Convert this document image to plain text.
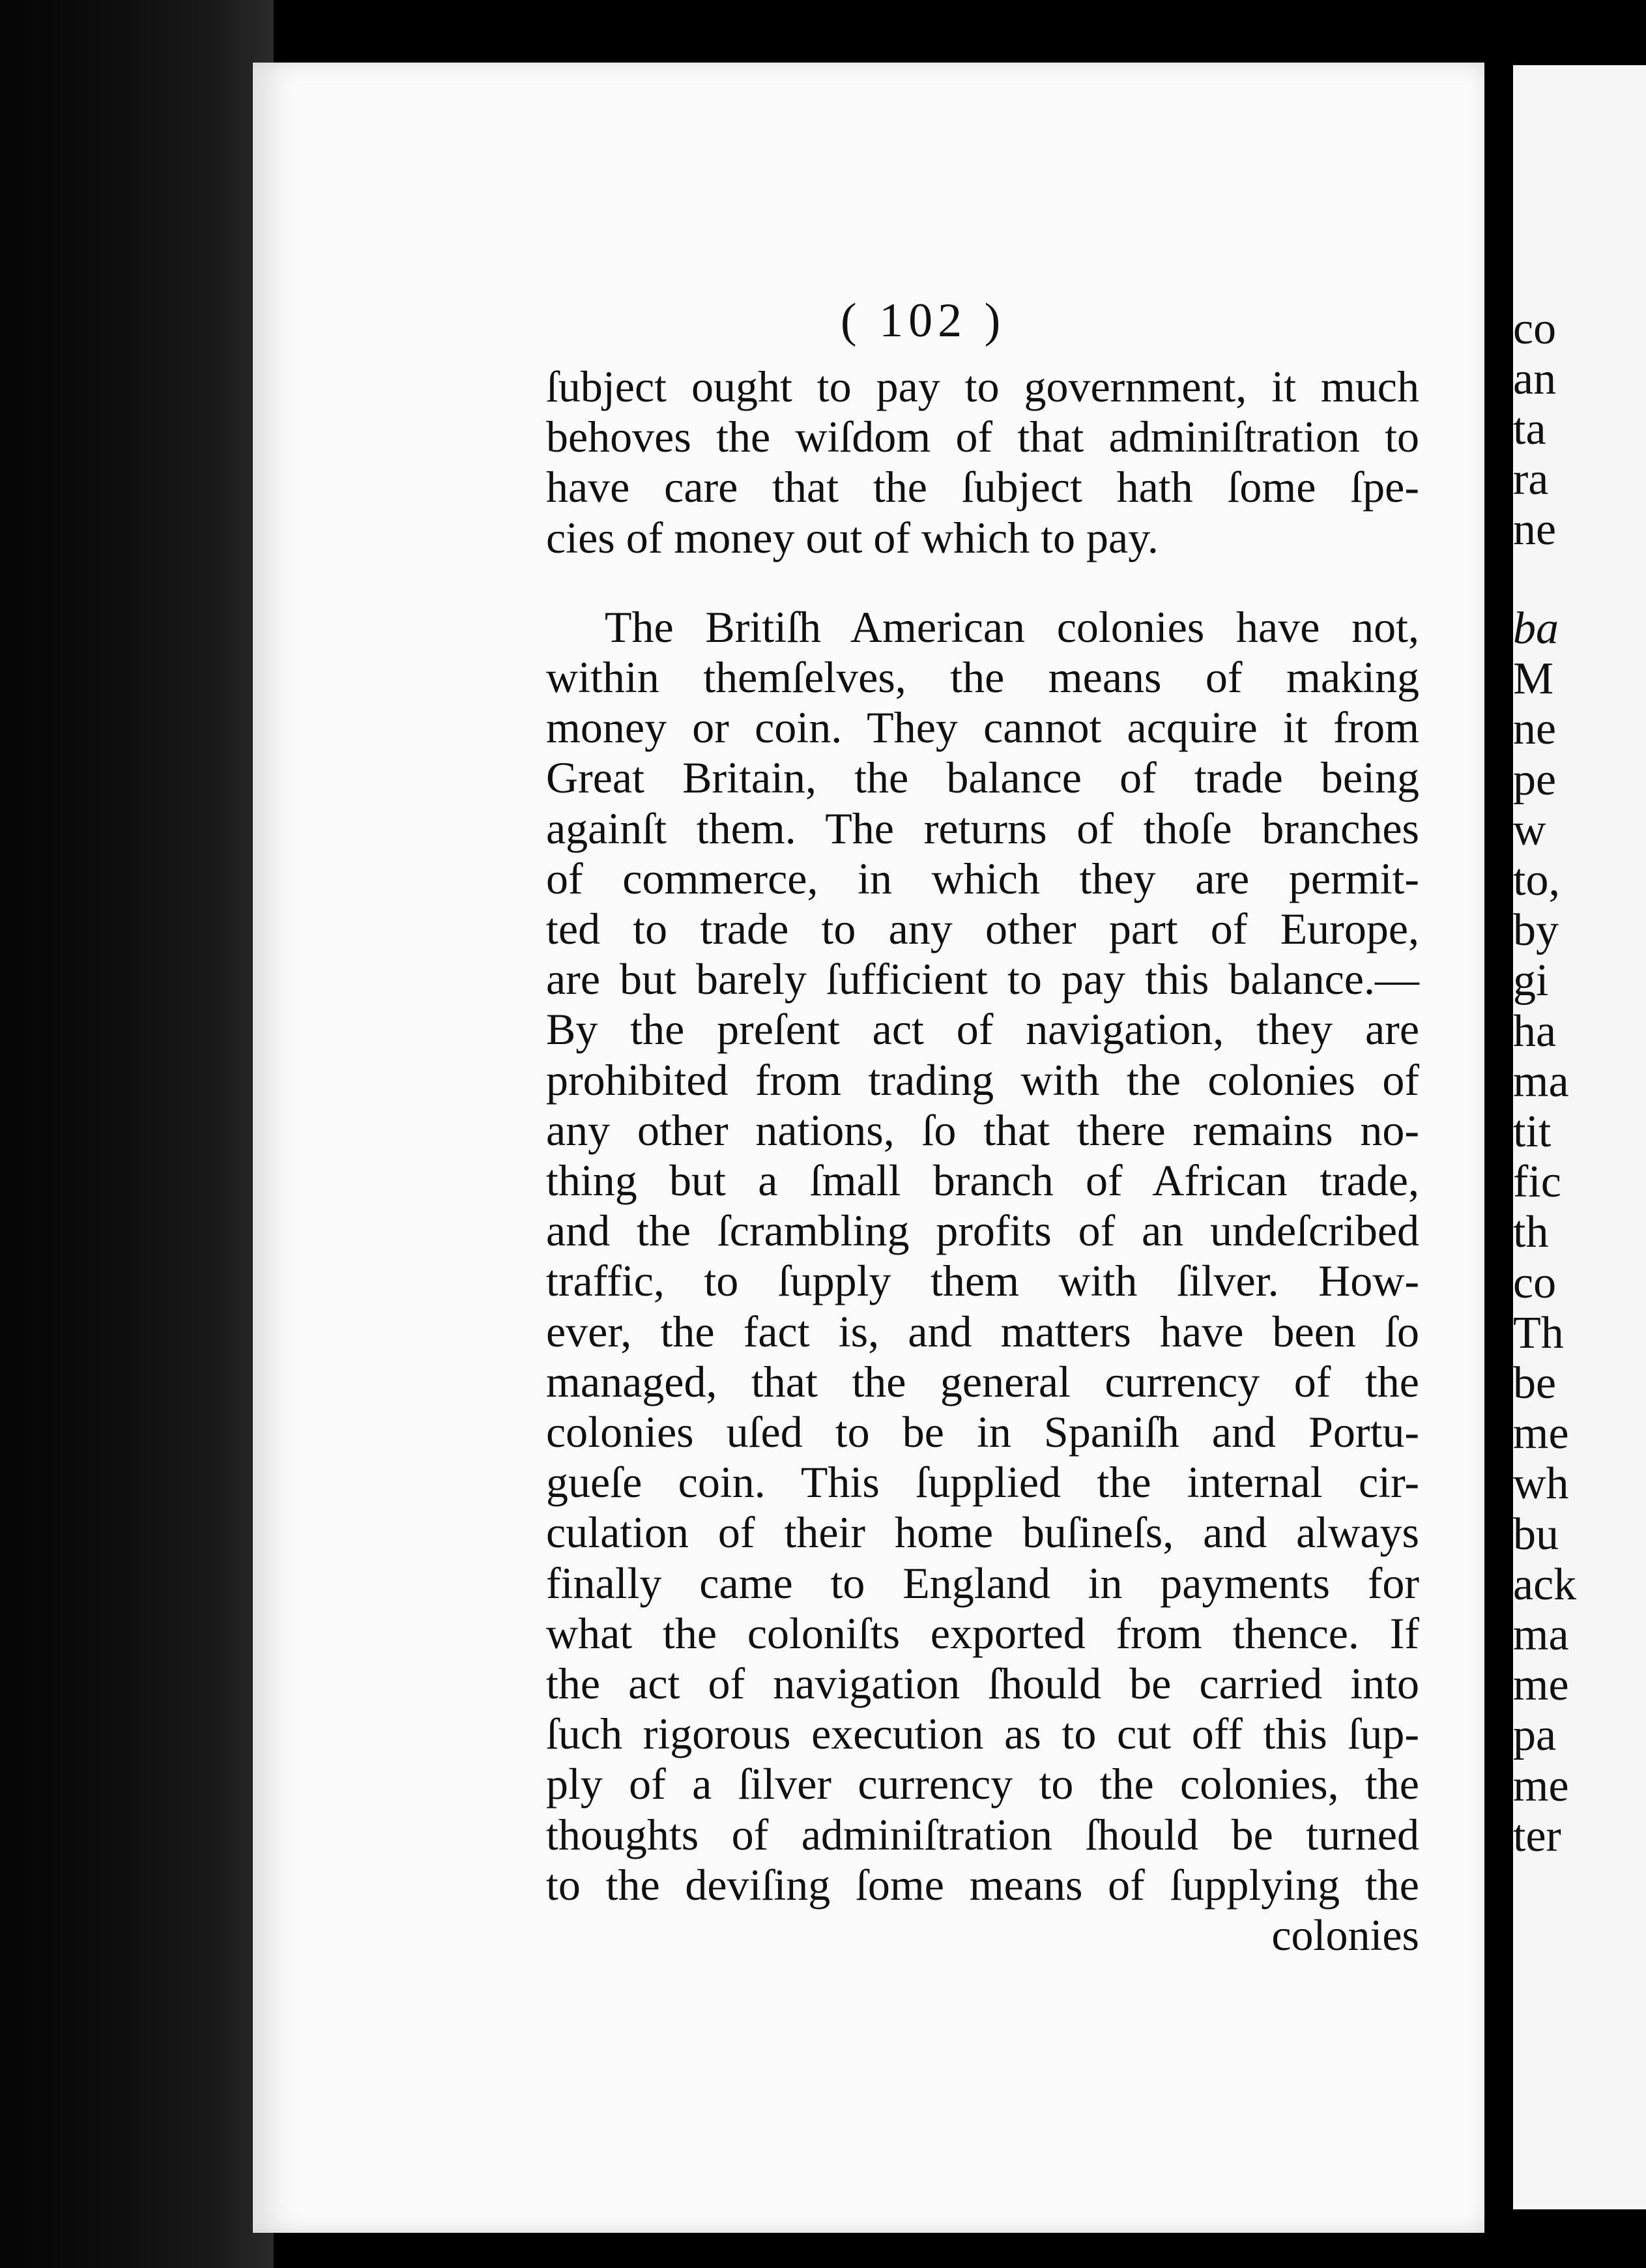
co
an
ta
ra
ne
ba
M
ne
pe
w
to,
by
gi
ha
ma
tit
fic
th
co
Th
be
me
wh
bu
ack
ma
me
pa
me
ter
( 102 )
ſubject ought to pay to government, it much
behoves the wiſdom of that adminiſtration to
have care that the ſubject hath ſome ſpe-
cies of money out of which to pay.
The Britiſh American colonies have not,
within themſelves, the means of making
money or coin. They cannot acquire it from
Great Britain, the balance of trade being
againſt them. The returns of thoſe branches
of commerce, in which they are permit-
ted to trade to any other part of Europe,
are but barely ſufficient to pay this balance.—
By the preſent act of navigation, they are
prohibited from trading with the colonies of
any other nations, ſo that there remains no-
thing but a ſmall branch of African trade,
and the ſcrambling profits of an undeſcribed
traffic, to ſupply them with ſilver. How-
ever, the fact is, and matters have been ſo
managed, that the general currency of the
colonies uſed to be in Spaniſh and Portu-
gueſe coin. This ſupplied the internal cir-
culation of their home buſineſs, and always
finally came to England in payments for
what the coloniſts exported from thence. If
the act of navigation ſhould be carried into
ſuch rigorous execution as to cut off this ſup-
ply of a ſilver currency to the colonies, the
thoughts of adminiſtration ſhould be turned
to the deviſing ſome means of ſupplying the
colonies
